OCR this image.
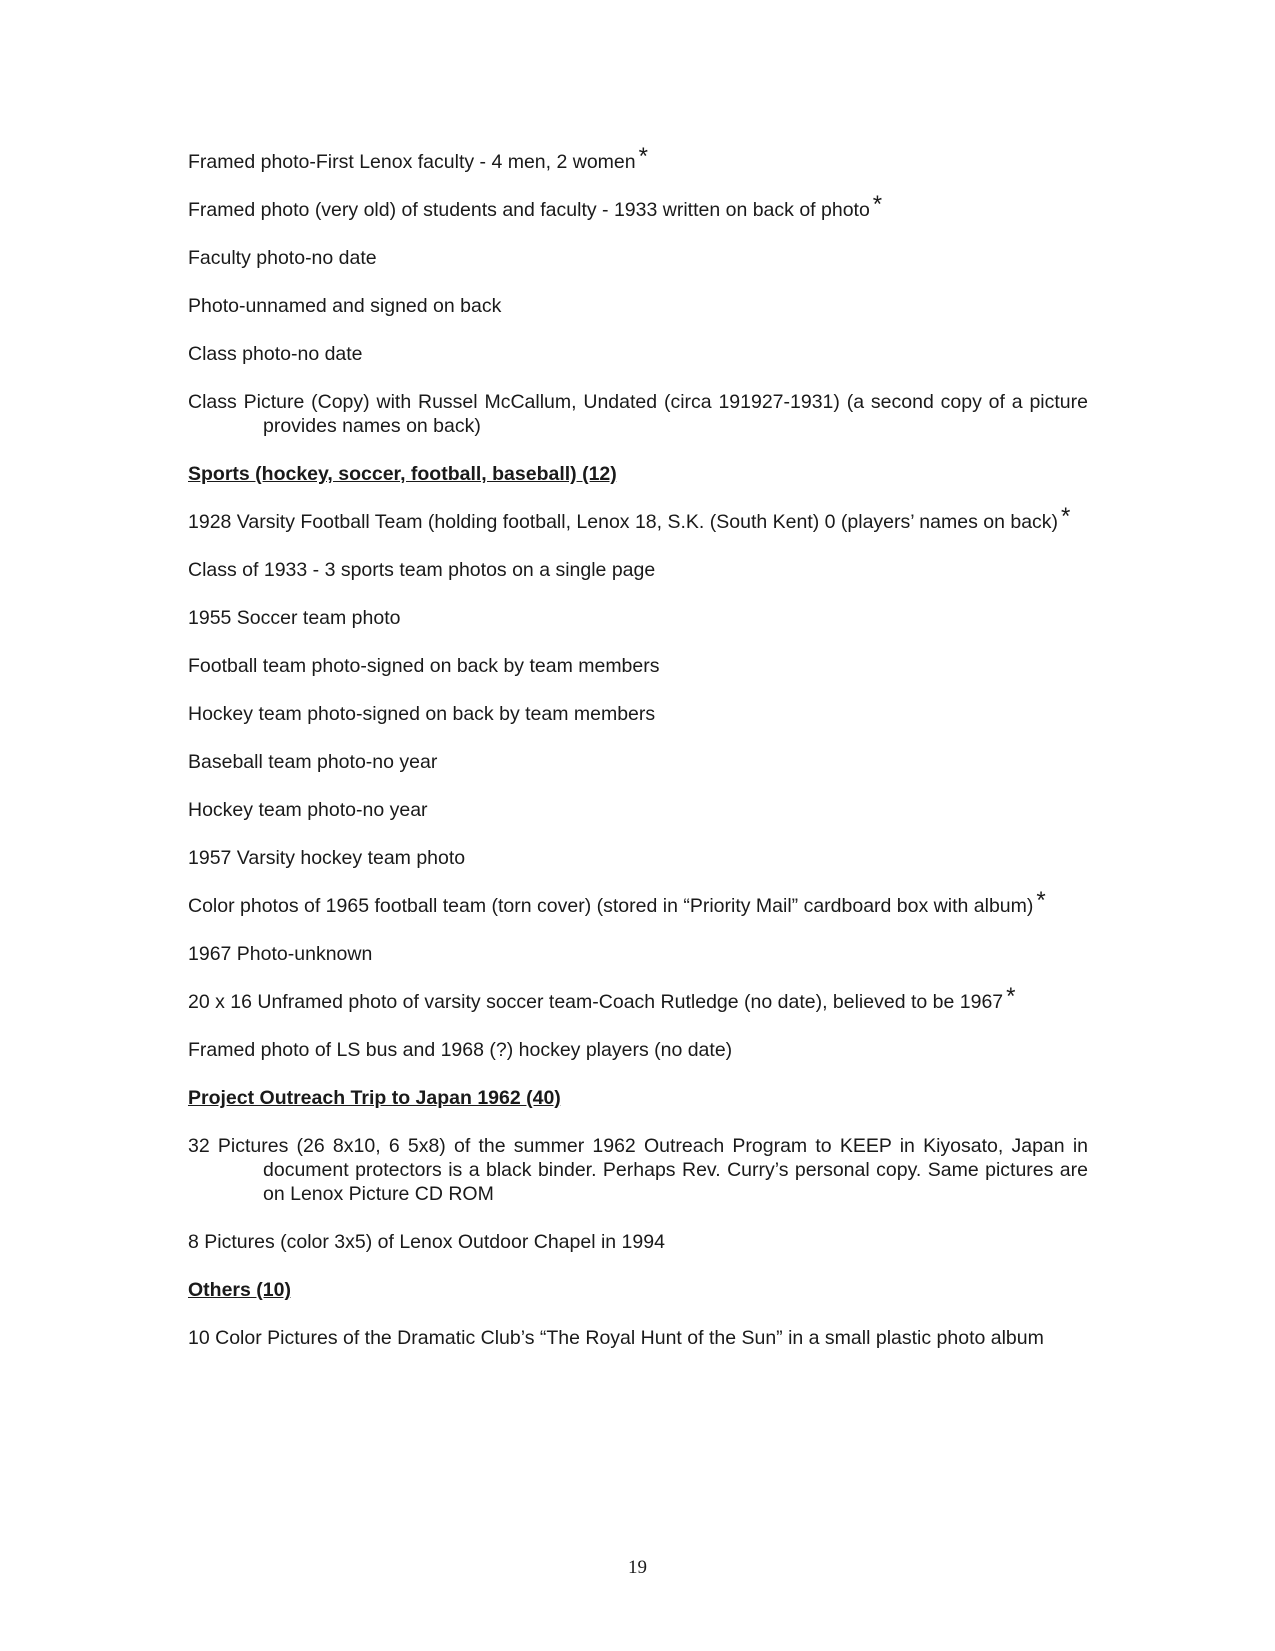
Framed photo-First Lenox faculty - 4 men, 2 women *

Framed photo (very old) of students and faculty - 1933 written on back of photo *

Faculty photo-no date

Photo-unnamed and signed on back

Class photo-no date

Class Picture (Copy) with Russel McCallum, Undated (circa 191927-1931) (a second copy of a picture provides names on back)

Sports (hockey, soccer, football, baseball) (12)

1928 Varsity Football Team (holding football, Lenox 18, S.K. (South Kent) 0 (players’ names on back) *

Class of 1933 - 3 sports team photos on a single page

1955 Soccer team photo

Football team photo-signed on back by team members

Hockey team photo-signed on back by team members

Baseball team photo-no year

Hockey team photo-no year

1957 Varsity hockey team photo

Color photos of 1965 football team (torn cover) (stored in “Priority Mail” cardboard box with album) *

1967 Photo-unknown

20 x 16 Unframed photo of varsity soccer team-Coach Rutledge (no date), believed to be 1967 *

Framed photo of LS bus and 1968 (?) hockey players (no date)

Project Outreach Trip to Japan 1962 (40)

32 Pictures (26 8x10, 6 5x8) of the summer 1962 Outreach Program to KEEP in Kiyosato, Japan in document protectors is a black binder. Perhaps Rev. Curry’s personal copy. Same pictures are on Lenox Picture CD ROM

8 Pictures (color 3x5) of Lenox Outdoor Chapel in 1994

Others (10)

10 Color Pictures of the Dramatic Club’s “The Royal Hunt of the Sun” in a small plastic photo album

19
